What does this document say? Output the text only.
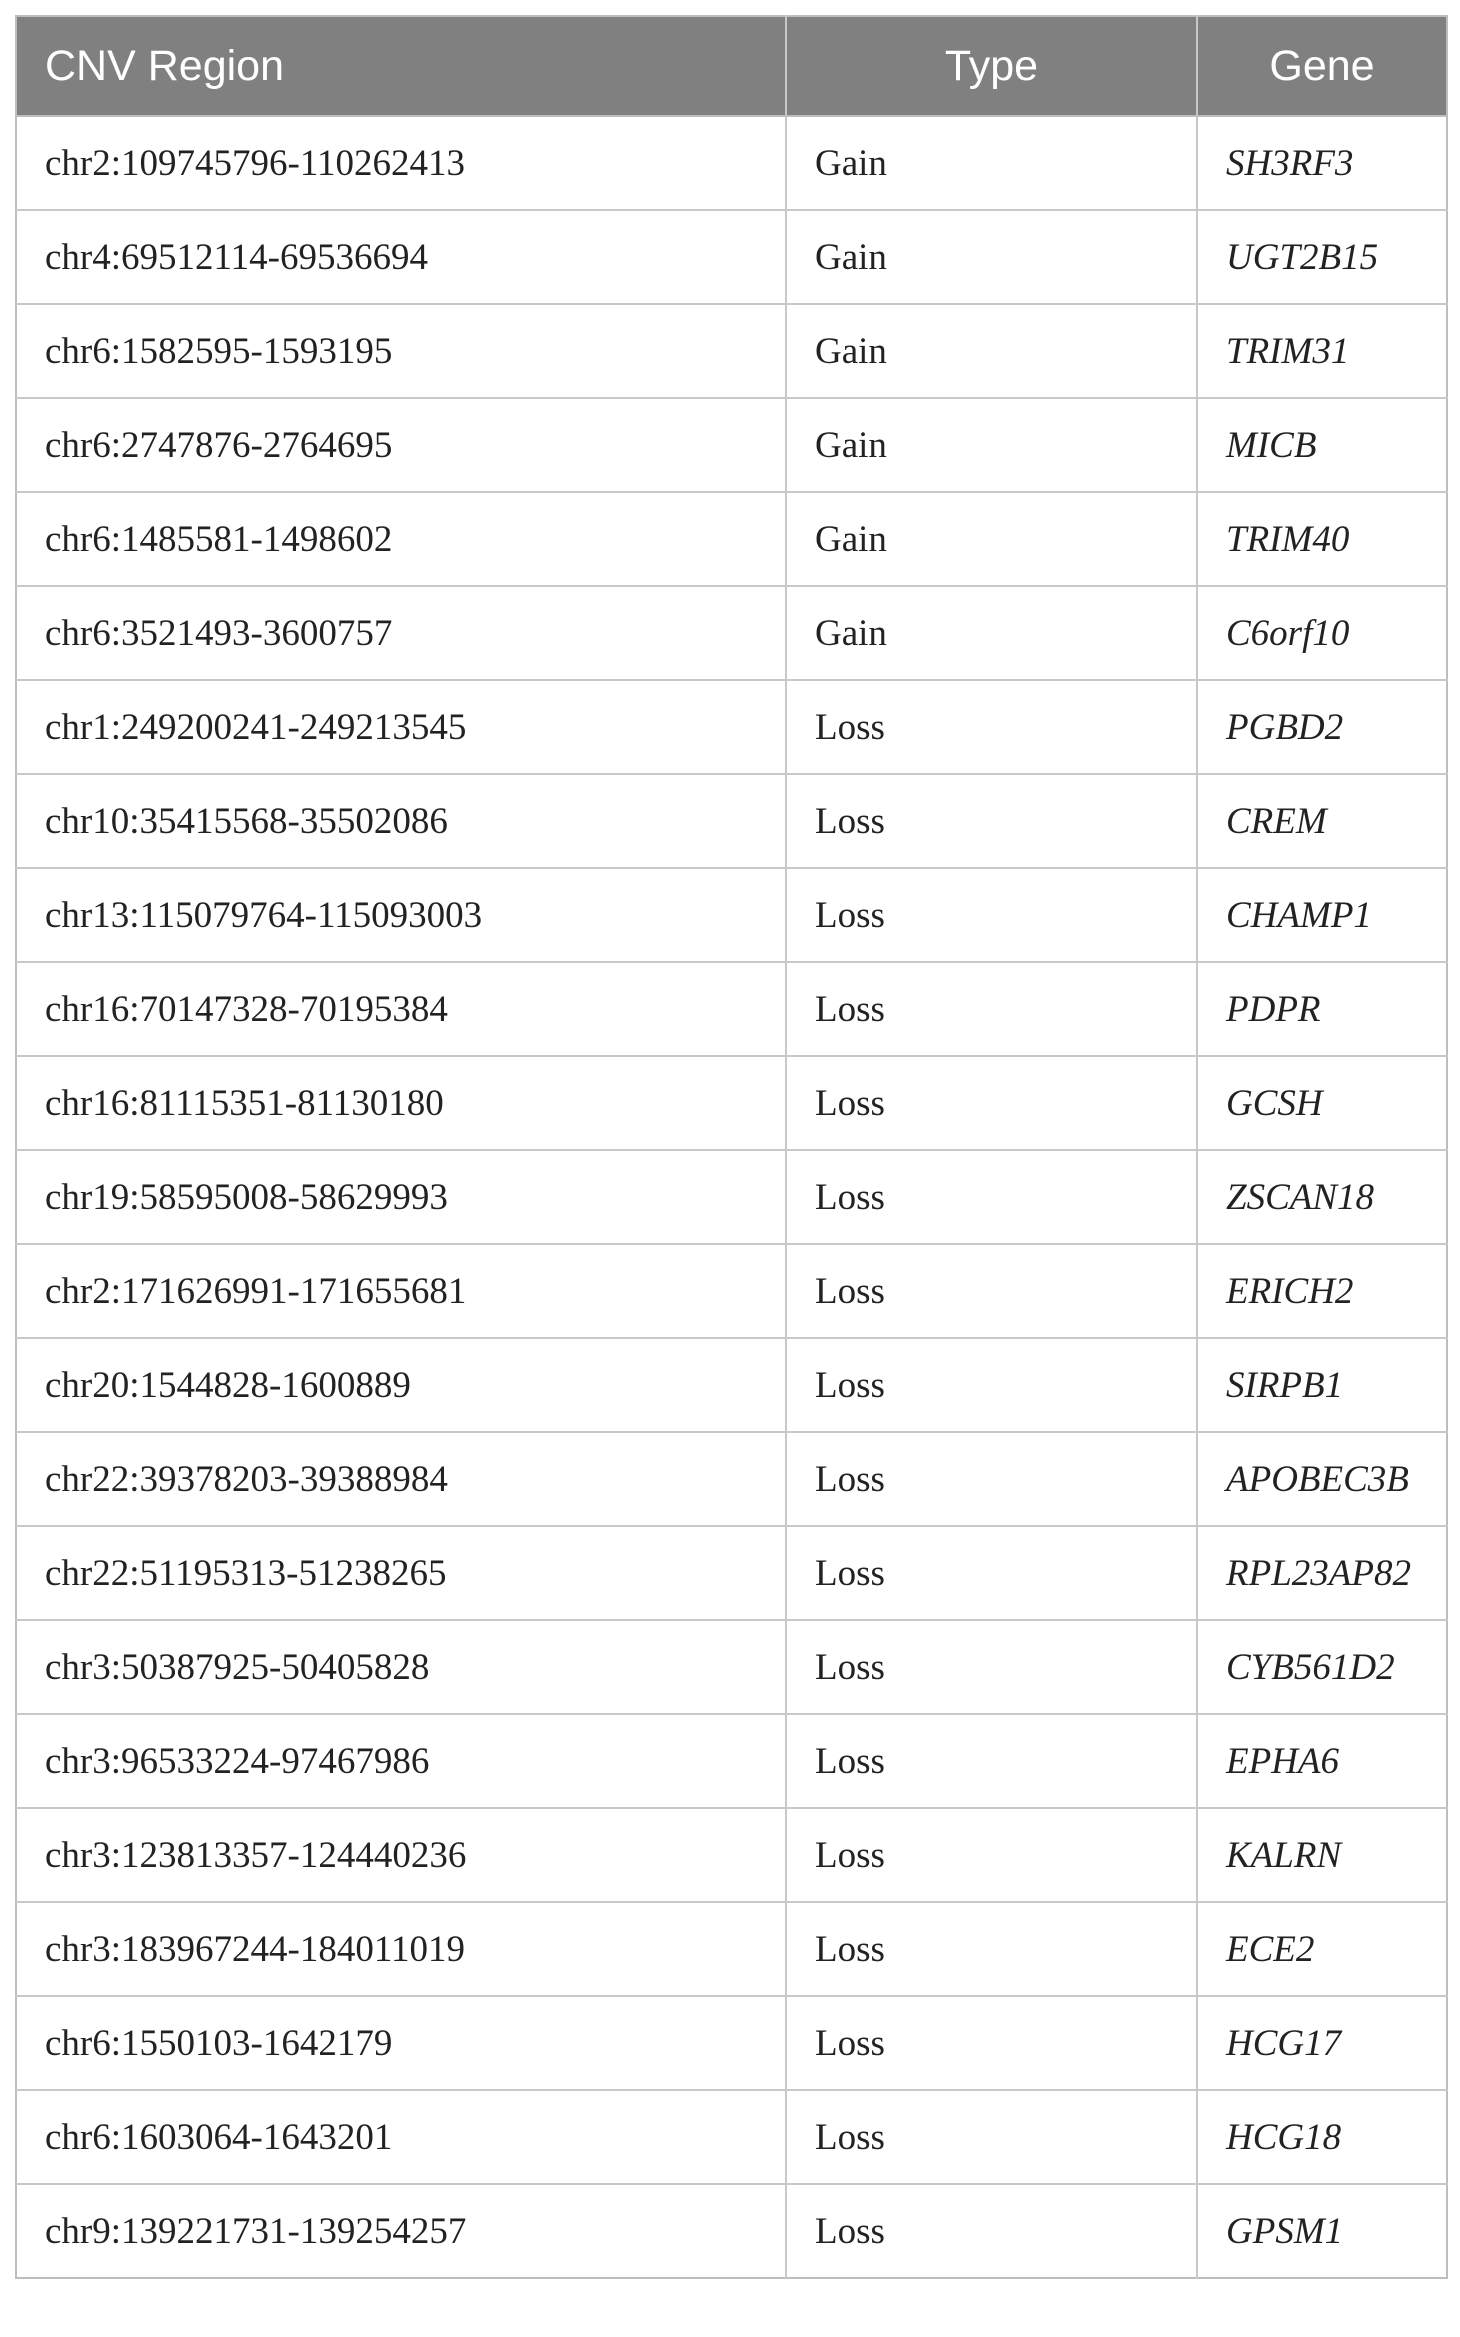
CNV Region	Type	Gene
chr2:109745796-110262413	Gain	SH3RF3
chr4:69512114-69536694	Gain	UGT2B15
chr6:1582595-1593195	Gain	TRIM31
chr6:2747876-2764695	Gain	MICB
chr6:1485581-1498602	Gain	TRIM40
chr6:3521493-3600757	Gain	C6orf10
chr1:249200241-249213545	Loss	PGBD2
chr10:35415568-35502086	Loss	CREM
chr13:115079764-115093003	Loss	CHAMP1
chr16:70147328-70195384	Loss	PDPR
chr16:81115351-81130180	Loss	GCSH
chr19:58595008-58629993	Loss	ZSCAN18
chr2:171626991-171655681	Loss	ERICH2
chr20:1544828-1600889	Loss	SIRPB1
chr22:39378203-39388984	Loss	APOBEC3B
chr22:51195313-51238265	Loss	RPL23AP82
chr3:50387925-50405828	Loss	CYB561D2
chr3:96533224-97467986	Loss	EPHA6
chr3:123813357-124440236	Loss	KALRN
chr3:183967244-184011019	Loss	ECE2
chr6:1550103-1642179	Loss	HCG17
chr6:1603064-1643201	Loss	HCG18
chr9:139221731-139254257	Loss	GPSM1
